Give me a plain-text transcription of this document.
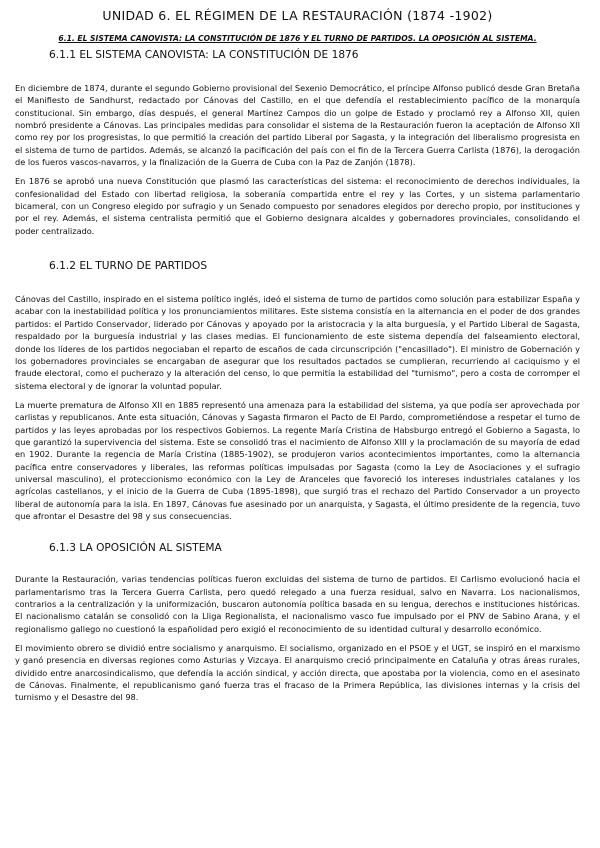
UNIDAD 6. EL RÉGIMEN DE LA RESTAURACIÓN (1874 -1902)
6.1. EL SISTEMA CANOVISTA: LA CONSTITUCIÓN DE 1876 Y EL TURNO DE PARTIDOS. LA OPOSICIÓN AL SISTEMA.
6.1.1 EL SISTEMA CANOVISTA: LA CONSTITUCIÓN DE 1876

En diciembre de 1874, durante el segundo Gobierno provisional del Sexenio Democrático, el príncipe Alfonso publicó desde Gran Bretaña el Manifiesto de Sandhurst, redactado por Cánovas del Castillo, en el que defendía el restablecimiento pacífico de la monarquía constitucional. Sin embargo, días después, el general Martínez Campos dio un golpe de Estado y proclamó rey a Alfonso XII, quien nombró presidente a Cánovas. Las principales medidas para consolidar el sistema de la Restauración fueron la aceptación de Alfonso XII como rey por los progresistas, lo que permitió la creación del partido Liberal por Sagasta, y la integración del liberalismo progresista en el sistema de turno de partidos. Además, se alcanzó la pacificación del país con el fin de la Tercera Guerra Carlista (1876), la derogación de los fueros vascos-navarros, y la finalización de la Guerra de Cuba con la Paz de Zanjón (1878).

En 1876 se aprobó una nueva Constitución que plasmó las características del sistema: el reconocimiento de derechos individuales, la confesionalidad del Estado con libertad religiosa, la soberanía compartida entre el rey y las Cortes, y un sistema parlamentario bicameral, con un Congreso elegido por sufragio y un Senado compuesto por senadores elegidos por derecho propio, por instituciones y por el rey. Además, el sistema centralista permitió que el Gobierno designara alcaldes y gobernadores provinciales, consolidando el poder centralizado.

6.1.2 EL TURNO DE PARTIDOS

Cánovas del Castillo, inspirado en el sistema político inglés, ideó el sistema de turno de partidos como solución para estabilizar España y acabar con la inestabilidad política y los pronunciamientos militares. Este sistema consistía en la alternancia en el poder de dos grandes partidos: el Partido Conservador, liderado por Cánovas y apoyado por la aristocracia y la alta burguesía, y el Partido Liberal de Sagasta, respaldado por la burguesía industrial y las clases medias. El funcionamiento de este sistema dependía del falseamiento electoral, donde los líderes de los partidos negociaban el reparto de escaños de cada circunscripción ("encasillado"). El ministro de Gobernación y los gobernadores provinciales se encargaban de asegurar que los resultados pactados se cumplieran, recurriendo al caciquismo y el fraude electoral, como el pucherazo y la alteración del censo, lo que permitía la estabilidad del "turnismo", pero a costa de corromper el sistema electoral y de ignorar la voluntad popular.

La muerte prematura de Alfonso XII en 1885 representó una amenaza para la estabilidad del sistema, ya que podía ser aprovechada por carlistas y republicanos. Ante esta situación, Cánovas y Sagasta firmaron el Pacto de El Pardo, comprometiéndose a respetar el turno de partidos y las leyes aprobadas por los respectivos Gobiernos. La regente María Cristina de Habsburgo entregó el Gobierno a Sagasta, lo que garantizó la supervivencia del sistema. Este se consolidó tras el nacimiento de Alfonso XIII y la proclamación de su mayoría de edad en 1902. Durante la regencia de María Cristina (1885-1902), se produjeron varios acontecimientos importantes, como la alternancia pacífica entre conservadores y liberales, las reformas políticas impulsadas por Sagasta (como la Ley de Asociaciones y el sufragio universal masculino), el proteccionismo económico con la Ley de Aranceles que favoreció los intereses industriales catalanes y los agrícolas castellanos, y el inicio de la Guerra de Cuba (1895-1898), que surgió tras el rechazo del Partido Conservador a un proyecto liberal de autonomía para la isla. En 1897, Cánovas fue asesinado por un anarquista, y Sagasta, el último presidente de la regencia, tuvo que afrontar el Desastre del 98 y sus consecuencias.

6.1.3 LA OPOSICIÓN AL SISTEMA

Durante la Restauración, varias tendencias políticas fueron excluidas del sistema de turno de partidos. El Carlismo evolucionó hacia el parlamentarismo tras la Tercera Guerra Carlista, pero quedó relegado a una fuerza residual, salvo en Navarra. Los nacionalismos, contrarios a la centralización y la uniformización, buscaron autonomía política basada en su lengua, derechos e instituciones históricas. El nacionalismo catalán se consolidó con la Lliga Regionalista, el nacionalismo vasco fue impulsado por el PNV de Sabino Arana, y el regionalismo gallego no cuestionó la españolidad pero exigió el reconocimiento de su identidad cultural y desarrollo económico.

El movimiento obrero se dividió entre socialismo y anarquismo. El socialismo, organizado en el PSOE y el UGT, se inspiró en el marxismo y ganó presencia en diversas regiones como Asturias y Vizcaya. El anarquismo creció principalmente en Cataluña y otras áreas rurales, dividido entre anarcosindicalismo, que defendía la acción sindical, y acción directa, que apostaba por la violencia, como en el asesinato de Cánovas. Finalmente, el republicanismo ganó fuerza tras el fracaso de la Primera República, las divisiones internas y la crisis del turnismo y el Desastre del 98.
